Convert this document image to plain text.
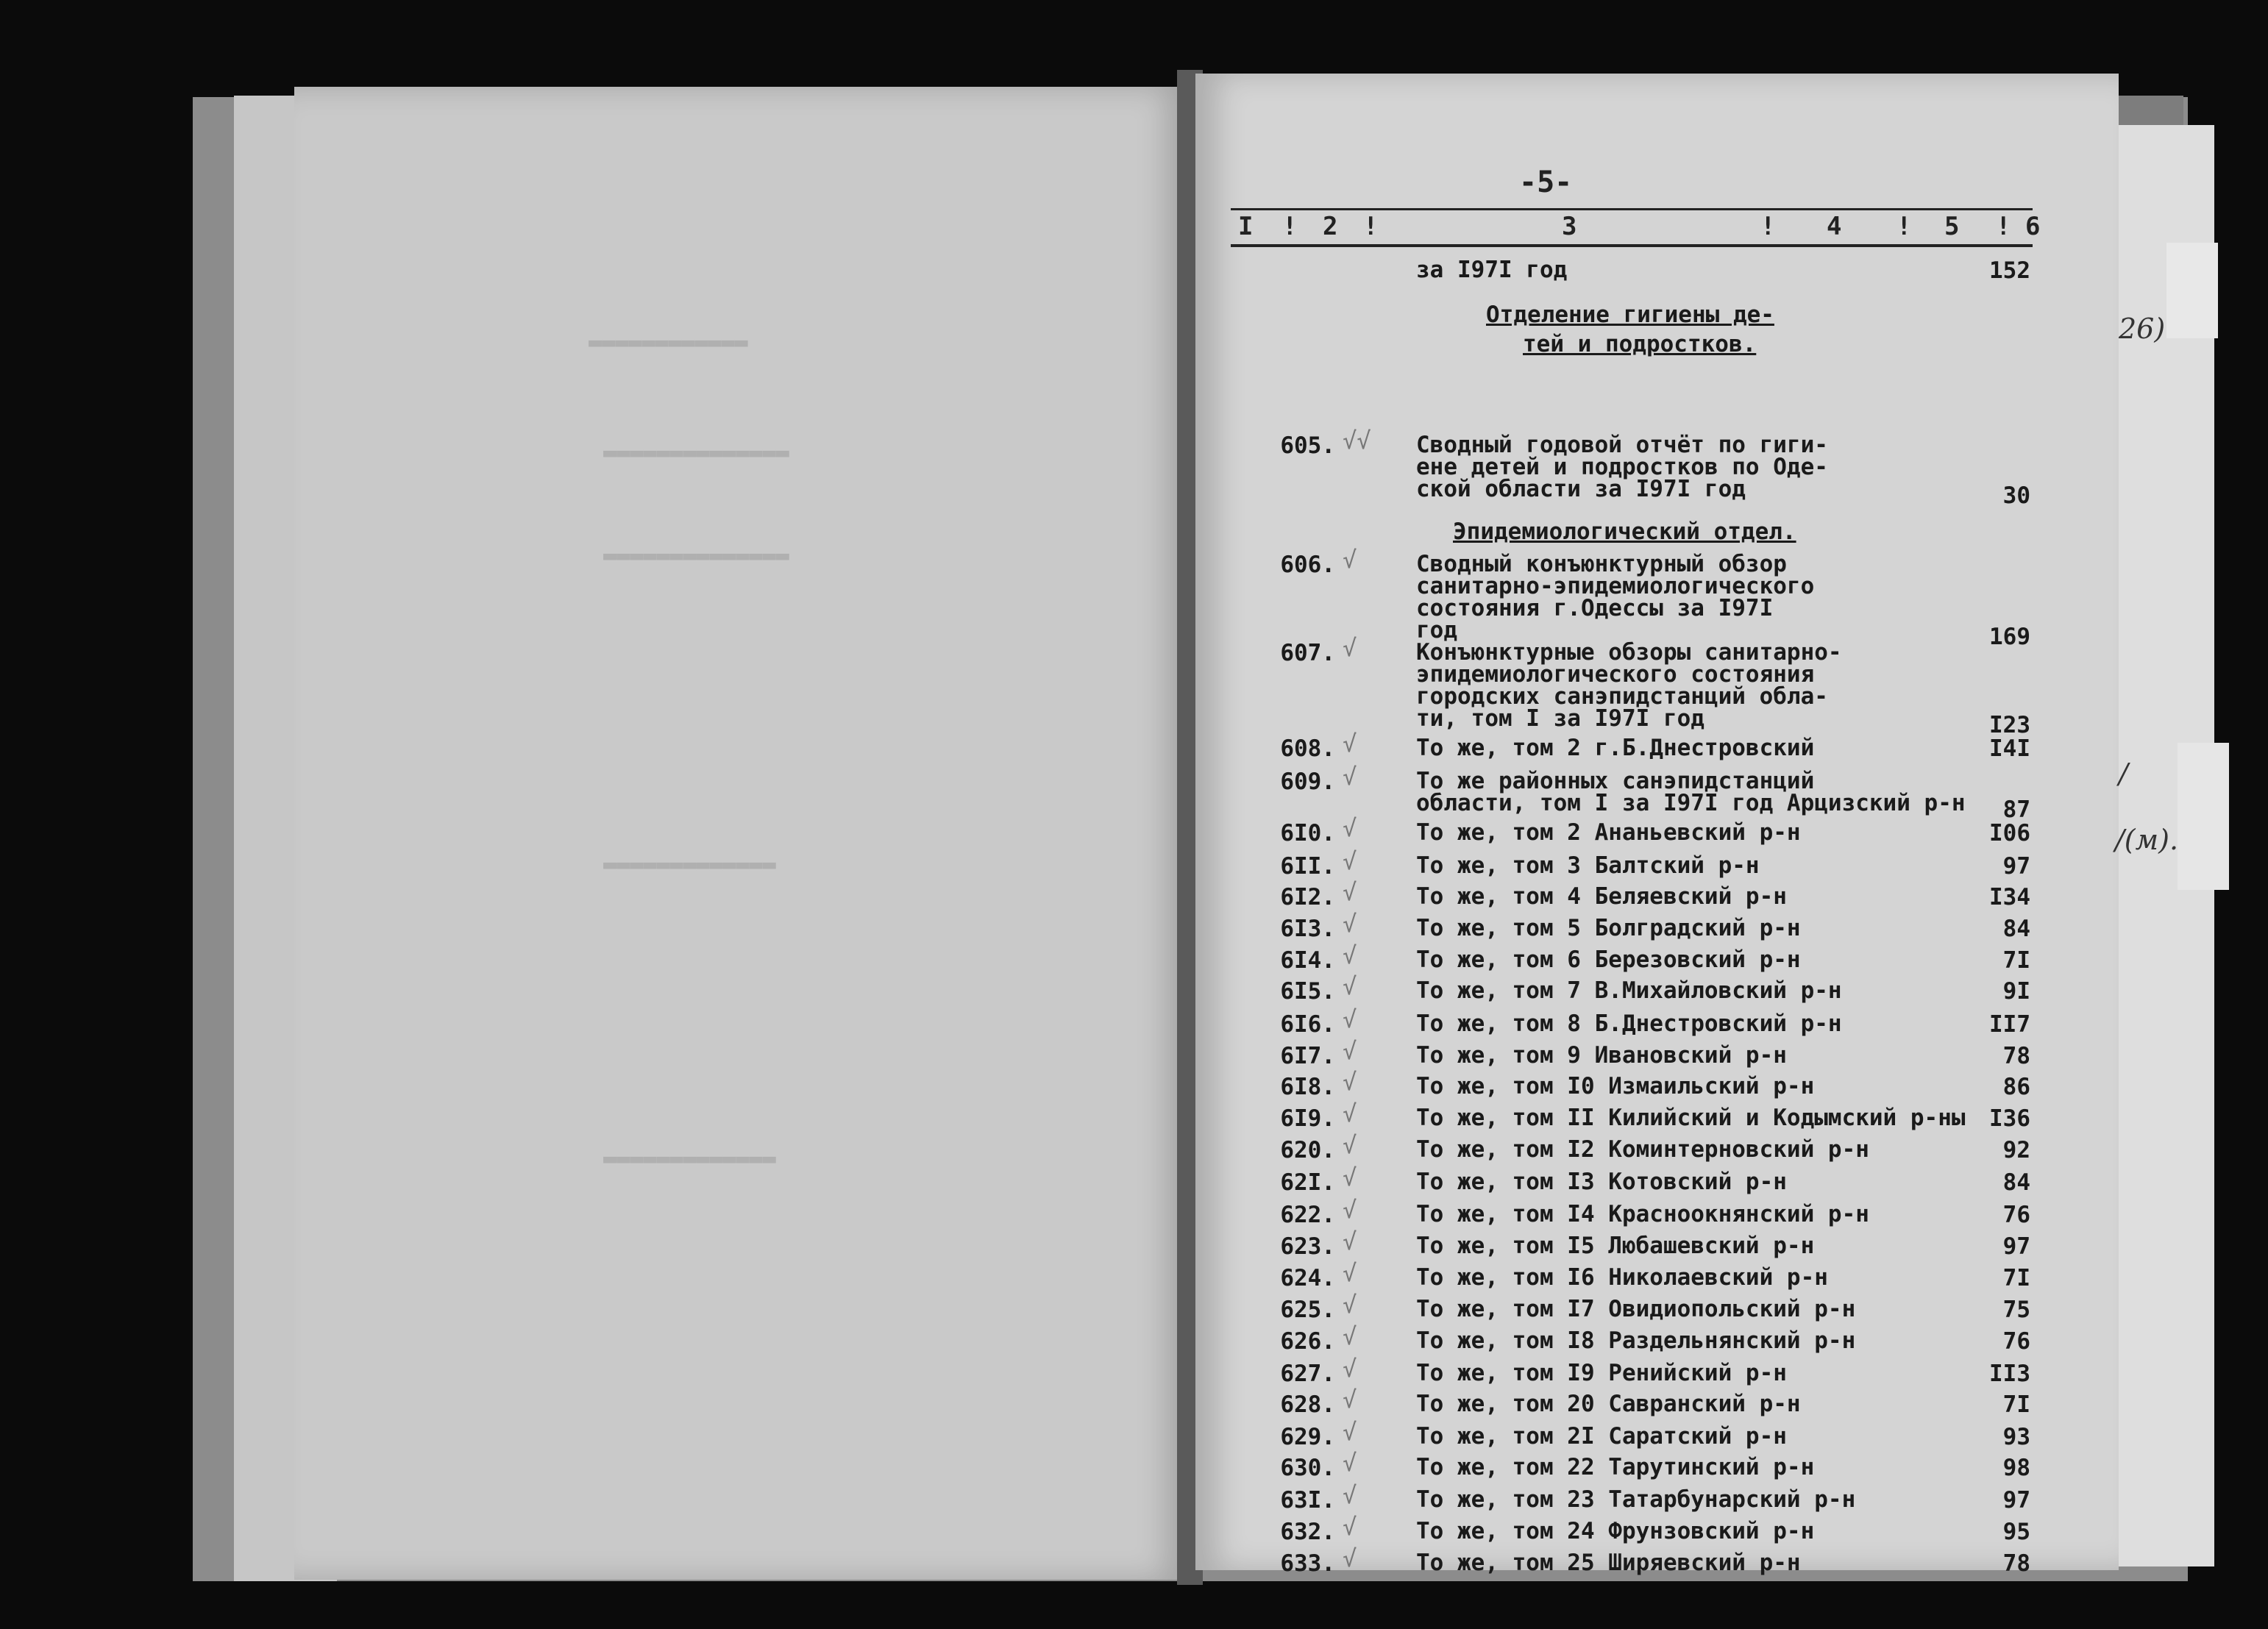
▬▬▬▬▬▬▬▬▬▬▬▬
▬▬▬▬▬▬▬▬▬▬▬▬▬▬
▬▬▬▬▬▬▬▬▬▬▬▬▬▬
▬▬▬▬▬▬▬▬▬▬▬▬▬
▬▬▬▬▬▬▬▬▬▬▬▬▬
-5-
I ! 2 !	3	! 4 ! 5 ! 6
за I97I год	152
Отделение гигиены де-
тей и подростков.
Эпидемиологический отдел.
605. √√ Сводный годовой отчёт по гиги-
ене детей и подростков по Оде-
ской области за I97I год	30
606. √	Сводный конъюнктурный обзор
санитарно-эпидемиологического
состояния г.Одессы за I97I
год	169
607. √	Конъюнктурные обзоры санитарно-
эпидемиологического состояния
городских санэпидстанций обла-
ти, том I за I97I год	I23
608. √	То же, том 2 г.Б.Днестровский	I4I
609. √	То же районных санэпидстанций
области, том I за I97I год Арцизский р-н	87
6I0. √	То же, том 2 Ананьевский р-н	I06
6II. √	То же, том 3 Балтский р-н	97
6I2. √	То же, том 4 Беляевский р-н	I34
6I3. √	То же, том 5 Болградский р-н	84
6I4. √	То же, том 6 Березовский р-н	7I
6I5. √	То же, том 7 В.Михайловский р-н	9I
6I6. √	То же, том 8 Б.Днестровский р-н	II7
6I7. √	То же, том 9 Ивановский р-н	78
6I8. √	То же, том I0 Измаильский р-н	86
6I9. √	То же, том II Килийский и Кодымский р-ны	I36
620. √	То же, том I2 Коминтерновский р-н	92
62I. √	То же, том I3 Котовский р-н	84
622. √	То же, том I4 Красноокнянский р-н	76
623. √	То же, том I5 Любашевский р-н	97
624. √	То же, том I6 Николаевский р-н	7I
625. √	То же, том I7 Овидиопольский р-н	75
626. √	То же, том I8 Раздельнянский р-н	76
627. √	То же, том I9 Ренийский р-н	II3
628. √	То же, том 20 Савранский р-н	7I
629. √	То же, том 2I Саратский р-н	93
630. √	То же, том 22 Тарутинский р-н	98
63I. √	То же, том 23 Татарбунарский р-н	97
632. √	То же, том 24 Фрунзовский р-н	95
633. √	То же, том 25 Ширяевский р-н	78
26)
/
/(м).
